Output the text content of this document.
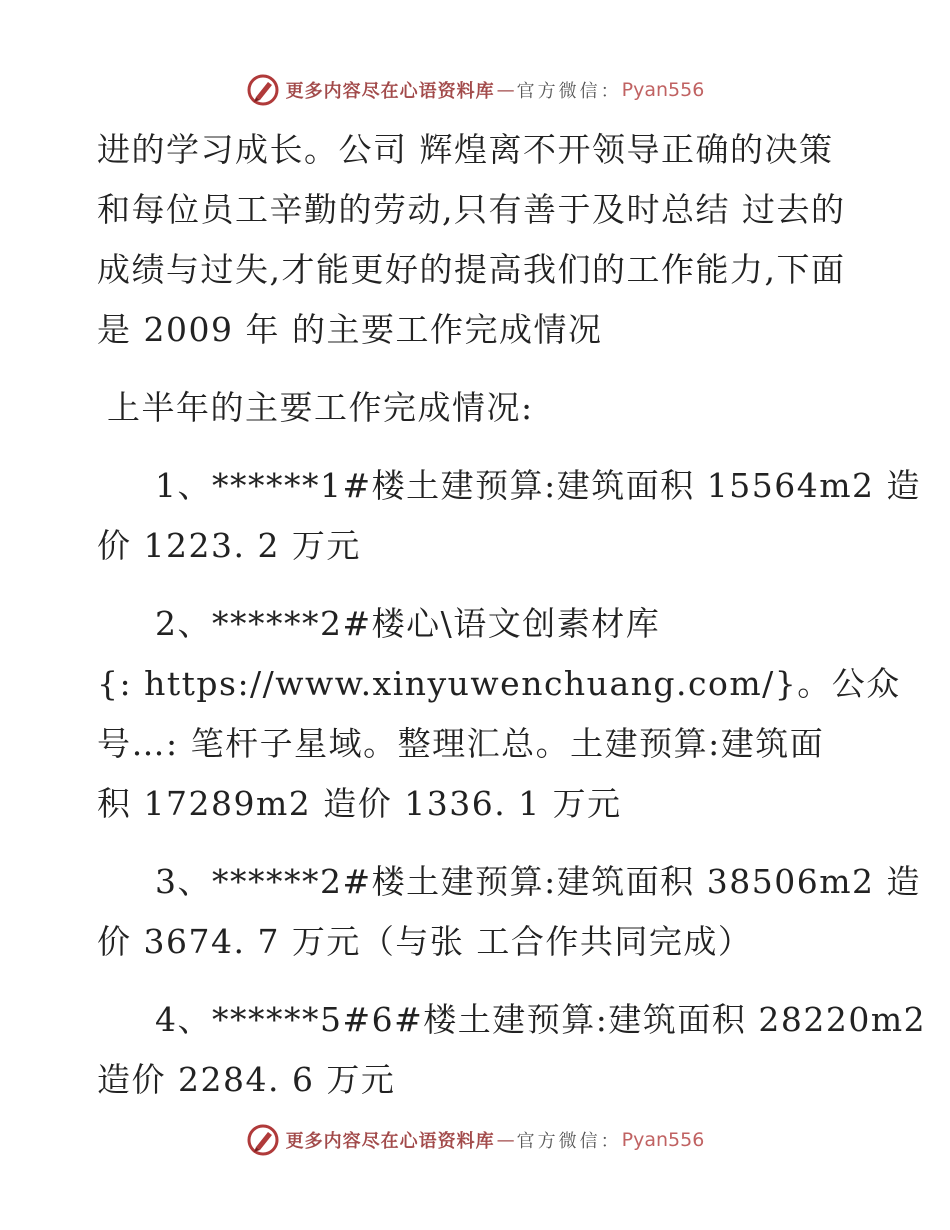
更多内容尽在心语资料库 — 官方微信： Pyan556

进的学习成长。公司 辉煌离不开领导正确的决策

和每位员工辛勤的劳动,只有善于及时总结 过去的

成绩与过失,才能更好的提高我们的工作能力,下面

是 2009 年 的主要工作完成情况

上半年的主要工作完成情况:

1、******1#楼土建预算:建筑面积 15564m2 造

价 1223. 2 万元

2、******2#楼心\语文创素材库

{: https://www.xinyuwenchuang.com/}。公众

号…: 笔杆子星域。整理汇总。土建预算:建筑面

积 17289m2 造价 1336. 1 万元

3、******2#楼土建预算:建筑面积 38506m2 造

价 3674. 7 万元（与张 工合作共同完成）

4、******5#6#楼土建预算:建筑面积 28220m2

造价 2284. 6 万元

更多内容尽在心语资料库 — 官方微信： Pyan556
